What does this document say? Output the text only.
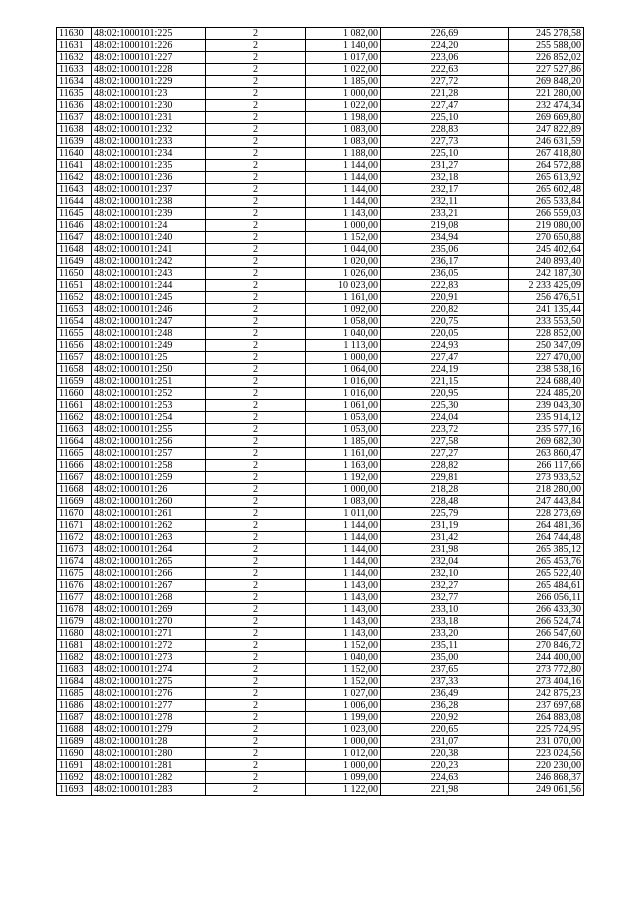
11630	48:02:1000101:225	2	1 082,00	226,69	245 278,58
11631	48:02:1000101:226	2	1 140,00	224,20	255 588,00
11632	48:02:1000101:227	2	1 017,00	223,06	226 852,02
11633	48:02:1000101:228	2	1 022,00	222,63	227 527,86
11634	48:02:1000101:229	2	1 185,00	227,72	269 848,20
11635	48:02:1000101:23	2	1 000,00	221,28	221 280,00
11636	48:02:1000101:230	2	1 022,00	227,47	232 474,34
11637	48:02:1000101:231	2	1 198,00	225,10	269 669,80
11638	48:02:1000101:232	2	1 083,00	228,83	247 822,89
11639	48:02:1000101:233	2	1 083,00	227,73	246 631,59
11640	48:02:1000101:234	2	1 188,00	225,10	267 418,80
11641	48:02:1000101:235	2	1 144,00	231,27	264 572,88
11642	48:02:1000101:236	2	1 144,00	232,18	265 613,92
11643	48:02:1000101:237	2	1 144,00	232,17	265 602,48
11644	48:02:1000101:238	2	1 144,00	232,11	265 533,84
11645	48:02:1000101:239	2	1 143,00	233,21	266 559,03
11646	48:02:1000101:24	2	1 000,00	219,08	219 080,00
11647	48:02:1000101:240	2	1 152,00	234,94	270 650,88
11648	48:02:1000101:241	2	1 044,00	235,06	245 402,64
11649	48:02:1000101:242	2	1 020,00	236,17	240 893,40
11650	48:02:1000101:243	2	1 026,00	236,05	242 187,30
11651	48:02:1000101:244	2	10 023,00	222,83	2 233 425,09
11652	48:02:1000101:245	2	1 161,00	220,91	256 476,51
11653	48:02:1000101:246	2	1 092,00	220,82	241 135,44
11654	48:02:1000101:247	2	1 058,00	220,75	233 553,50
11655	48:02:1000101:248	2	1 040,00	220,05	228 852,00
11656	48:02:1000101:249	2	1 113,00	224,93	250 347,09
11657	48:02:1000101:25	2	1 000,00	227,47	227 470,00
11658	48:02:1000101:250	2	1 064,00	224,19	238 538,16
11659	48:02:1000101:251	2	1 016,00	221,15	224 688,40
11660	48:02:1000101:252	2	1 016,00	220,95	224 485,20
11661	48:02:1000101:253	2	1 061,00	225,30	239 043,30
11662	48:02:1000101:254	2	1 053,00	224,04	235 914,12
11663	48:02:1000101:255	2	1 053,00	223,72	235 577,16
11664	48:02:1000101:256	2	1 185,00	227,58	269 682,30
11665	48:02:1000101:257	2	1 161,00	227,27	263 860,47
11666	48:02:1000101:258	2	1 163,00	228,82	266 117,66
11667	48:02:1000101:259	2	1 192,00	229,81	273 933,52
11668	48:02:1000101:26	2	1 000,00	218,28	218 280,00
11669	48:02:1000101:260	2	1 083,00	228,48	247 443,84
11670	48:02:1000101:261	2	1 011,00	225,79	228 273,69
11671	48:02:1000101:262	2	1 144,00	231,19	264 481,36
11672	48:02:1000101:263	2	1 144,00	231,42	264 744,48
11673	48:02:1000101:264	2	1 144,00	231,98	265 385,12
11674	48:02:1000101:265	2	1 144,00	232,04	265 453,76
11675	48:02:1000101:266	2	1 144,00	232,10	265 522,40
11676	48:02:1000101:267	2	1 143,00	232,27	265 484,61
11677	48:02:1000101:268	2	1 143,00	232,77	266 056,11
11678	48:02:1000101:269	2	1 143,00	233,10	266 433,30
11679	48:02:1000101:270	2	1 143,00	233,18	266 524,74
11680	48:02:1000101:271	2	1 143,00	233,20	266 547,60
11681	48:02:1000101:272	2	1 152,00	235,11	270 846,72
11682	48:02:1000101:273	2	1 040,00	235,00	244 400,00
11683	48:02:1000101:274	2	1 152,00	237,65	273 772,80
11684	48:02:1000101:275	2	1 152,00	237,33	273 404,16
11685	48:02:1000101:276	2	1 027,00	236,49	242 875,23
11686	48:02:1000101:277	2	1 006,00	236,28	237 697,68
11687	48:02:1000101:278	2	1 199,00	220,92	264 883,08
11688	48:02:1000101:279	2	1 023,00	220,65	225 724,95
11689	48:02:1000101:28	2	1 000,00	231,07	231 070,00
11690	48:02:1000101:280	2	1 012,00	220,38	223 024,56
11691	48:02:1000101:281	2	1 000,00	220,23	220 230,00
11692	48:02:1000101:282	2	1 099,00	224,63	246 868,37
11693	48:02:1000101:283	2	1 122,00	221,98	249 061,56
